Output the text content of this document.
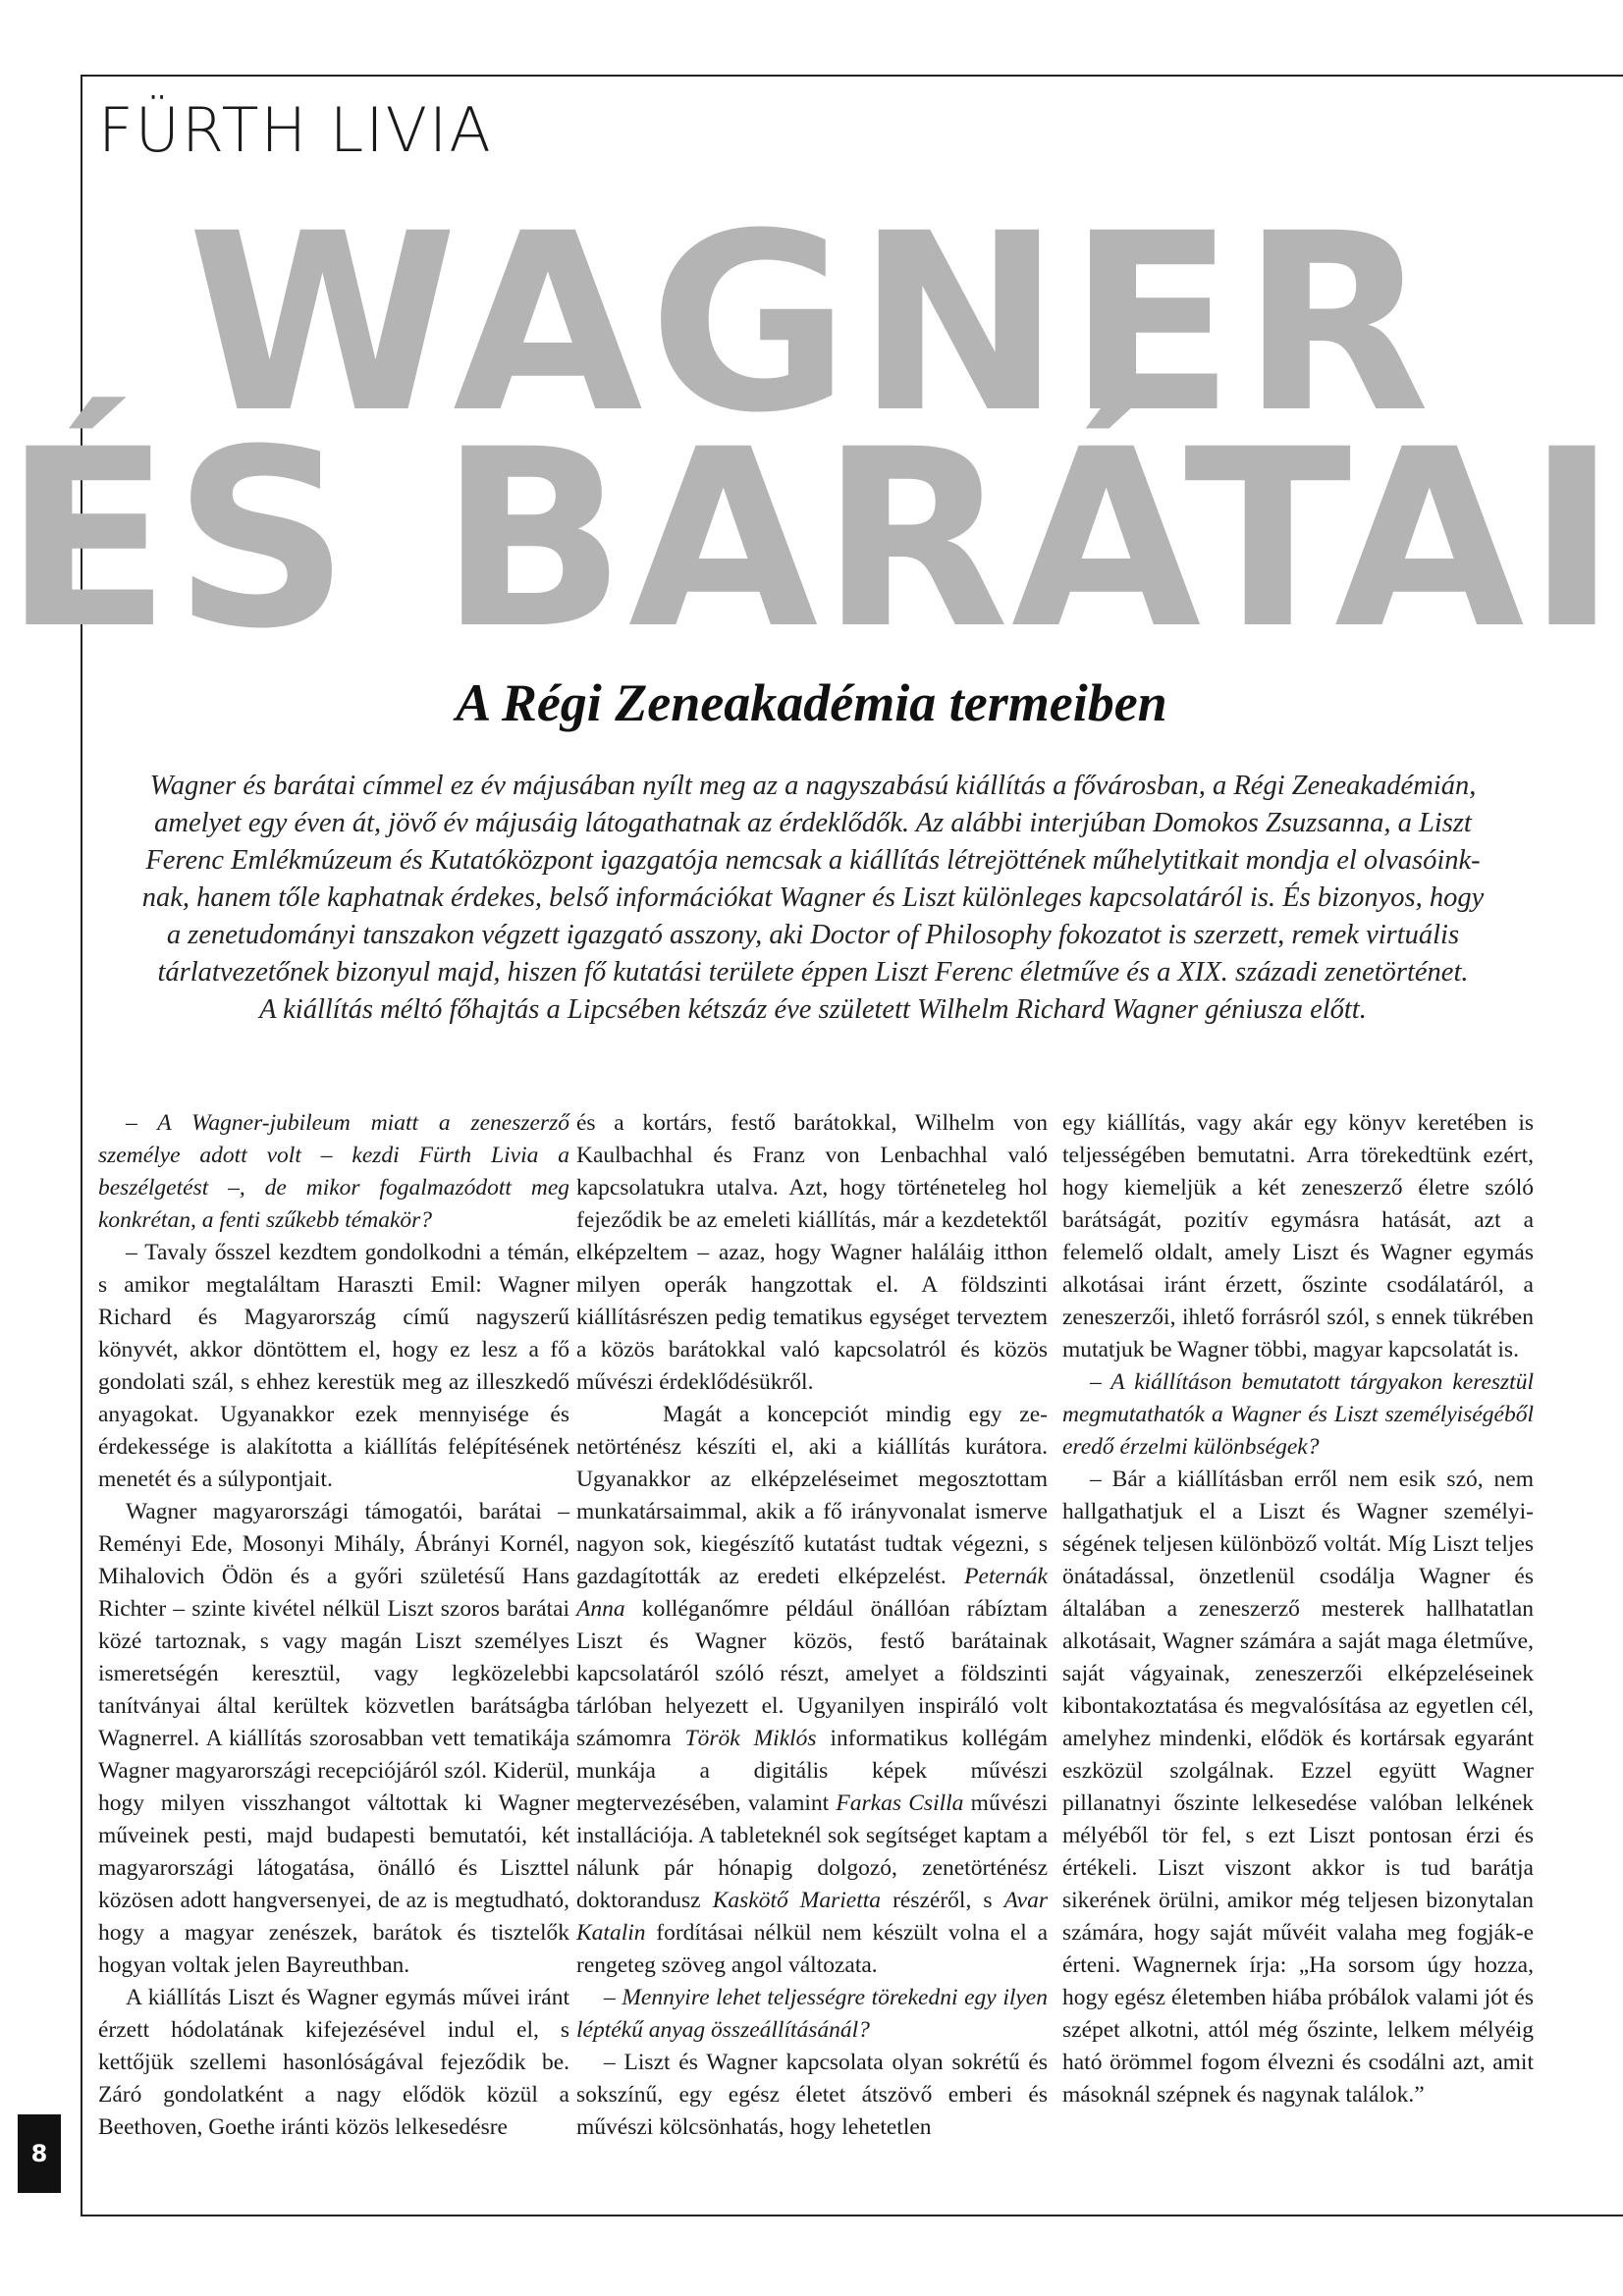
FÜRTH LIVIA
WAGNER
ÉS BARÁTAI
A Régi Zeneakadémia termeiben

Wagner és barátai címmel ez év májusában nyílt meg az a nagyszabású kiállítás a fővárosban, a Régi Zeneakadémián,

amelyet egy éven át, jövő év májusáig látogathatnak az érdeklődők. Az alábbi interjúban Domokos Zsuzsanna, a Liszt

Ferenc Emlékmúzeum és Kutatóközpont igazgatója nemcsak a kiállítás létrejöttének műhelytitkait mondja el olvasóink-

nak, hanem tőle kaphatnak érdekes, belső információkat Wagner és Liszt különleges kapcsolatáról is. És bizonyos, hogy

a zenetudományi tanszakon végzett igazgató asszony, aki Doctor of Philosophy fokozatot is szerzett, remek virtuális

tárlatvezetőnek bizonyul majd, hiszen fő kutatási területe éppen Liszt Ferenc életműve és a XIX. századi zenetörténet.

A kiállítás méltó főhajtás a Lipcsében kétszáz éve született Wilhelm Richard Wagner géniusza előtt.

– A Wagner-jubileum miatt a zeneszerző személye adott volt – kezdi Fürth Livia a beszélgetést –, de mikor fogalmazódott meg konkrétan, a fenti szűkebb témakör?

– Tavaly ősszel kezdtem gondolkodni a témán, s amikor megtaláltam Haraszti Emil: Wagner Richard és Magyarország című nagyszerű könyvét, akkor döntöttem el, hogy ez lesz a fő gondolati szál, s ehhez kerestük meg az illeszkedő anyagokat. Ugyanakkor ezek mennyisége és érdekessége is alakította a kiállítás felépítésének menetét és a súlypontjait.

Wagner magyarországi támogatói, barátai – Reményi Ede, Mosonyi Mihály, Ábrányi Kornél, Mihalovich Ödön és a győri születésű Hans Richter – szinte kivétel nélkül Liszt szoros barátai közé tartoznak, s vagy magán Liszt személyes ismeretségén keresztül, vagy legközelebbi tanítványai által kerültek közvetlen barátságba Wagnerrel. A kiállítás szorosabban vett tematikája Wagner magyarországi recepciójáról szól. Kiderül, hogy milyen visszhangot váltottak ki Wagner műveinek pesti, majd budapesti bemutatói, két magyarországi látogatása, önálló és Liszttel közösen adott hangversenyei, de az is megtudható, hogy a magyar zenészek, barátok és tisztelők hogyan voltak jelen Bayreuthban.

A kiállítás Liszt és Wagner egymás művei iránt érzett hódolatának kifejezésével indul el, s kettőjük szellemi hasonlóságával fejeződik be. Záró gondolatként a nagy elődök közül a Beethoven, Goethe iránti közös lelkesedésre

és a kortárs, festő barátokkal, Wilhelm von Kaulbachhal és Franz von Lenbachhal való kapcsolatukra utalva. Azt, hogy történeteleg hol fejeződik be az emeleti kiállítás, már a kezdetektől elképzeltem – azaz, hogy Wagner haláláig itthon milyen operák hangzottak el. A földszinti kiállításrészen pedig tematikus egységet terveztem a közös barátokkal való kapcsolatról és közös művészi érdeklődésükről.

Magát a koncepciót mindig egy zenetörténész készíti el, aki a kiállítás kurátora. Ugyanakkor az elképzeléseimet megosztottam munkatársaimmal, akik a fő irányvonalat ismerve nagyon sok, kiegészítő kutatást tudtak végezni, s gazdagították az eredeti elképzelést. Peternák Anna kolléganőmre például önállóan rábíztam Liszt és Wagner közös, festő barátainak kapcsolatáról szóló részt, amelyet a földszinti tárlóban helyezett el. Ugyanilyen inspiráló volt számomra Török Miklós informatikus kollégám munkája a digitális képek művészi megtervezésében, valamint Farkas Csilla művészi installációja. A tableteknél sok segítséget kaptam a nálunk pár hónapig dolgozó, zenetörténész doktorandusz Kaskötő Marietta részéről, s Avar Katalin fordításai nélkül nem készült volna el a rengeteg szöveg angol változata.

– Mennyire lehet teljességre törekedni egy ilyen léptékű anyag összeállításánál?

– Liszt és Wagner kapcsolata olyan sokrétű és sokszínű, egy egész életet átszövő emberi és művészi kölcsönhatás, hogy lehetetlen

egy kiállítás, vagy akár egy könyv keretében is teljességében bemutatni. Arra törekedtünk ezért, hogy kiemeljük a két zeneszerző életre szóló barátságát, pozitív egymásra hatását, azt a felemelő oldalt, amely Liszt és Wagner egymás alkotásai iránt érzett, őszinte csodálatáról, a zeneszerzői, ihlető forrásról szól, s ennek tükrében mutatjuk be Wagner többi, magyar kapcsolatát is.

– A kiállításon bemutatott tárgyakon keresztül megmutathatók a Wagner és Liszt személyiségéből eredő érzelmi különbségek?

– Bár a kiállításban erről nem esik szó, nem hallgathatjuk el a Liszt és Wagner személyiségének teljesen különböző voltát. Míg Liszt teljes önátadással, önzetlenül csodálja Wagner és általában a zeneszerző mesterek hallhatatlan alkotásait, Wagner számára a saját maga életműve, saját vágyainak, zeneszerzői elképzeléseinek kibontakoztatása és megvalósítása az egyetlen cél, amelyhez mindenki, elődök és kortársak egyaránt eszközül szolgálnak. Ezzel együtt Wagner pillanatnyi őszinte lelkesedése valóban lelkének mélyéből tör fel, s ezt Liszt pontosan érzi és értékeli. Liszt viszont akkor is tud barátja sikerének örülni, amikor még teljesen bizonytalan számára, hogy saját művéit valaha meg fogják-e érteni. Wagnernek írja: „Ha sorsom úgy hozza, hogy egész életemben hiába próbálok valami jót és szépet alkotni, attól még őszinte, lelkem mélyéig ható örömmel fogom élvezni és csodálni azt, amit másoknál szépnek és nagynak találok.”

8
